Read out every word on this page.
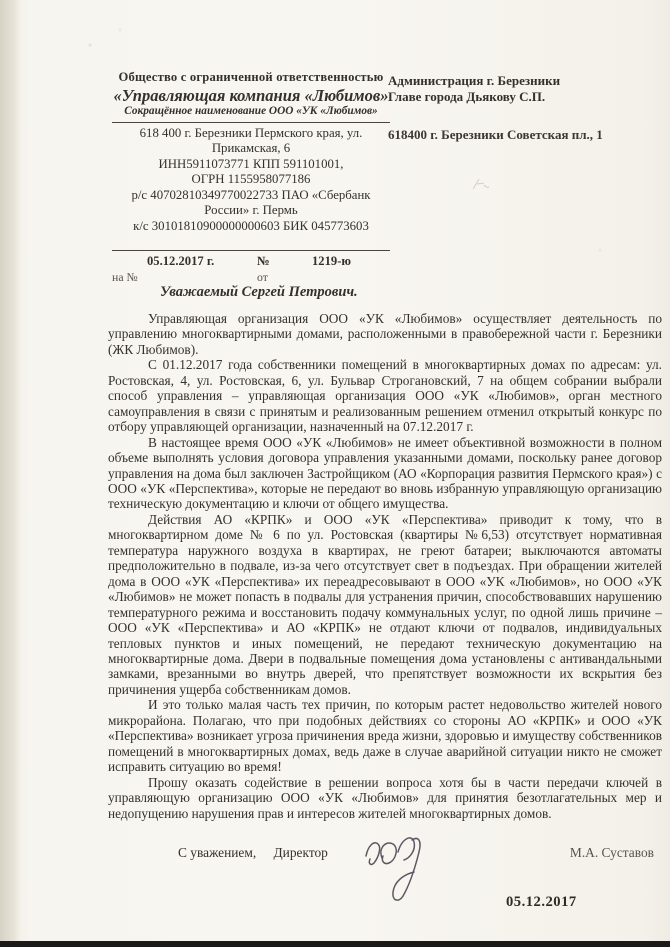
Общество с ограниченной ответственностью
«Управляющая компания «Любимов»
Сокращённое наименование ООО «УК «Любимов»
618 400 г. Березники Пермского края, ул.
Прикамская, 6
ИНН5911073771 КПП 591101001,
ОГРН 1155958077186
р/с 40702810349770022733 ПАО «Сбербанк
России» г. Пермь
к/с 30101810900000000603 БИК 045773603
05.12.2017 г.	№	1219-ю
на №	от
Администрация г. Березники
Главе города Дьякову С.П.
618400 г. Березники Советская пл., 1
Уважаемый Сергей Петрович.

Управляющая организация ООО «УК «Любимов» осуществляет деятельность по управлению многоквартирными домами, расположенными в правобережной части г. Березники (ЖК Любимов).

С 01.12.2017 года собственники помещений в многоквартирных домах по адресам: ул. Ростовская, 4, ул. Ростовская, 6, ул. Бульвар Строгановский, 7 на общем собрании выбрали способ управления – управляющая организация ООО «УК «Любимов», орган местного самоуправления в связи с принятым и реализованным решением отменил открытый конкурс по отбору управляющей организации, назначенный на 07.12.2017 г.

В настоящее время ООО «УК «Любимов» не имеет объективной возможности в полном объеме выполнять условия договора управления указанными домами, поскольку ранее договор управления на дома был заключен Застройщиком (АО «Корпорация развития Пермского края») с ООО «УК «Перспектива», которые не передают во вновь избранную управляющую организацию техническую документацию и ключи от общего имущества.

Действия АО «КРПК» и ООО «УК «Перспектива» приводит к тому, что в многоквартирном доме № 6 по ул. Ростовская (квартиры №6,53) отсутствует нормативная температура наружного воздуха в квартирах, не греют батареи; выключаются автоматы предположительно в подвале, из-за чего отсутствует свет в подъездах. При обращении жителей дома в ООО «УК «Перспектива» их переадресовывают в ООО «УК «Любимов», но ООО «УК «Любимов» не может попасть в подвалы для устранения причин, способствовавших нарушению температурного режима и восстановить подачу коммунальных услуг, по одной лишь причине – ООО «УК «Перспектива» и АО «КРПК» не отдают ключи от подвалов, индивидуальных тепловых пунктов и иных помещений, не передают техническую документацию на многоквартирные дома. Двери в подвальные помещения дома установлены с антивандальными замками, врезанными во внутрь дверей, что препятствует возможности их вскрытия без причинения ущерба собственникам домов.

И это только малая часть тех причин, по которым растет недовольство жителей нового микрорайона. Полагаю, что при подобных действиях со стороны АО «КРПК» и ООО «УК «Перспектива» возникает угроза причинения вреда жизни, здоровью и имуществу собственников помещений в многоквартирных домах, ведь даже в случае аварийной ситуации никто не сможет исправить ситуацию во время!

Прошу оказать содействие в решении вопроса хотя бы в части передачи ключей в управляющую организацию ООО «УК «Любимов» для принятия безотлагательных мер и недопущению нарушения прав и интересов жителей многоквартирных домов.

С уважением, Директор	М.А. Суставов
05.12.2017
